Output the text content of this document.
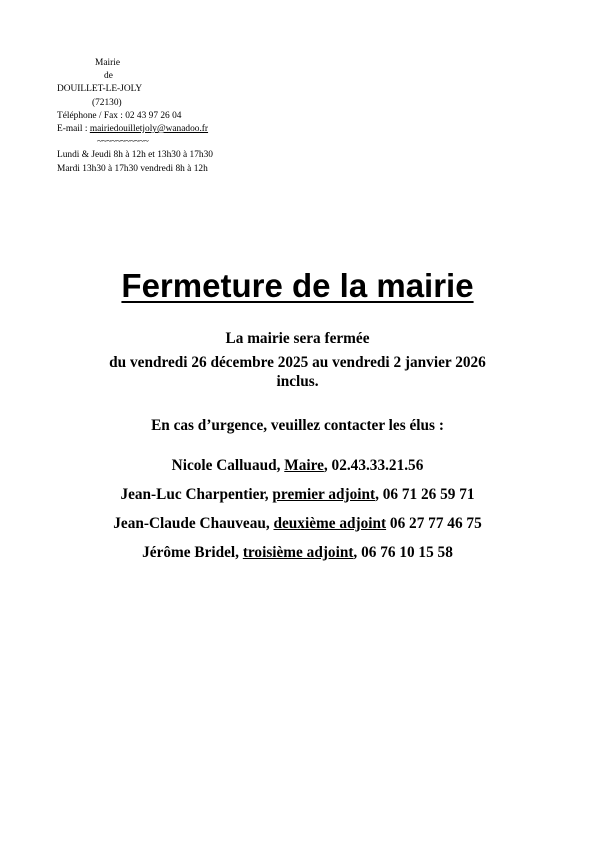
Mairie
de
DOUILLET-LE-JOLY
(72130)
Téléphone / Fax : 02 43 97 26 04
E-mail : mairiedouilletjoly@wanadoo.fr
~~~~~~~~~~~
Lundi & Jeudi 8h à 12h et 13h30 à 17h30
Mardi 13h30 à 17h30 vendredi 8h à 12h
Fermeture de la mairie
La mairie sera fermée
du vendredi 26 décembre 2025 au vendredi 2 janvier 2026
inclus.
En cas d’urgence, veuillez contacter les élus :
Nicole Calluaud, Maire, 02.43.33.21.56
Jean-Luc Charpentier, premier adjoint, 06 71 26 59 71
Jean-Claude Chauveau, deuxième adjoint 06 27 77 46 75
Jérôme Bridel, troisième adjoint, 06 76 10 15 58
